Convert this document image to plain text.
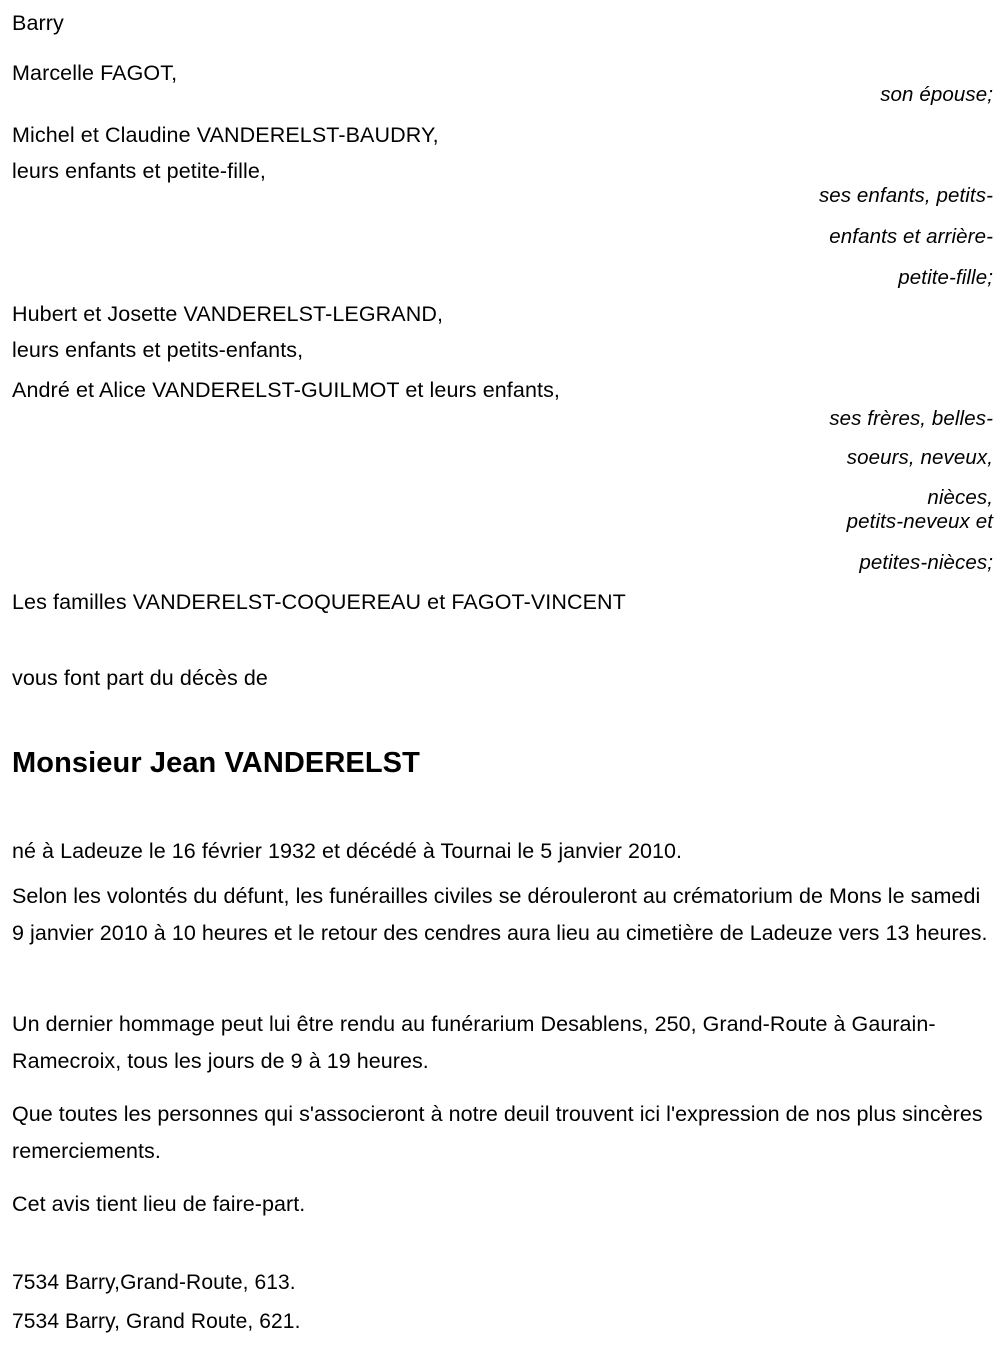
Barry
Marcelle FAGOT,
son épouse;
Michel et Claudine VANDERELST-BAUDRY,
leurs enfants et petite-fille,
ses enfants, petits-
enfants et arrière-
petite-fille;
Hubert et Josette VANDERELST-LEGRAND,
leurs enfants et petits-enfants,
André et Alice VANDERELST-GUILMOT et leurs enfants,
ses frères, belles-
soeurs, neveux,
nièces,
petits-neveux et
petites-nièces;
Les familles VANDERELST-COQUEREAU et FAGOT-VINCENT
vous font part du décès de
Monsieur Jean VANDERELST
né à Ladeuze le 16 février 1932 et décédé à Tournai le 5 janvier 2010.
Selon les volontés du défunt, les funérailles civiles se dérouleront au crématorium de Mons le samedi 9 janvier 2010 à 10 heures et le retour des cendres aura lieu au cimetière de Ladeuze vers 13 heures.
Un dernier hommage peut lui être rendu au funérarium Desablens, 250, Grand-Route à Gaurain-Ramecroix, tous les jours de 9 à 19 heures.
Que toutes les personnes qui s'associeront à notre deuil trouvent ici l'expression de nos plus sincères remerciements.
Cet avis tient lieu de faire-part.
7534 Barry,Grand-Route, 613.
7534 Barry, Grand Route, 621.
